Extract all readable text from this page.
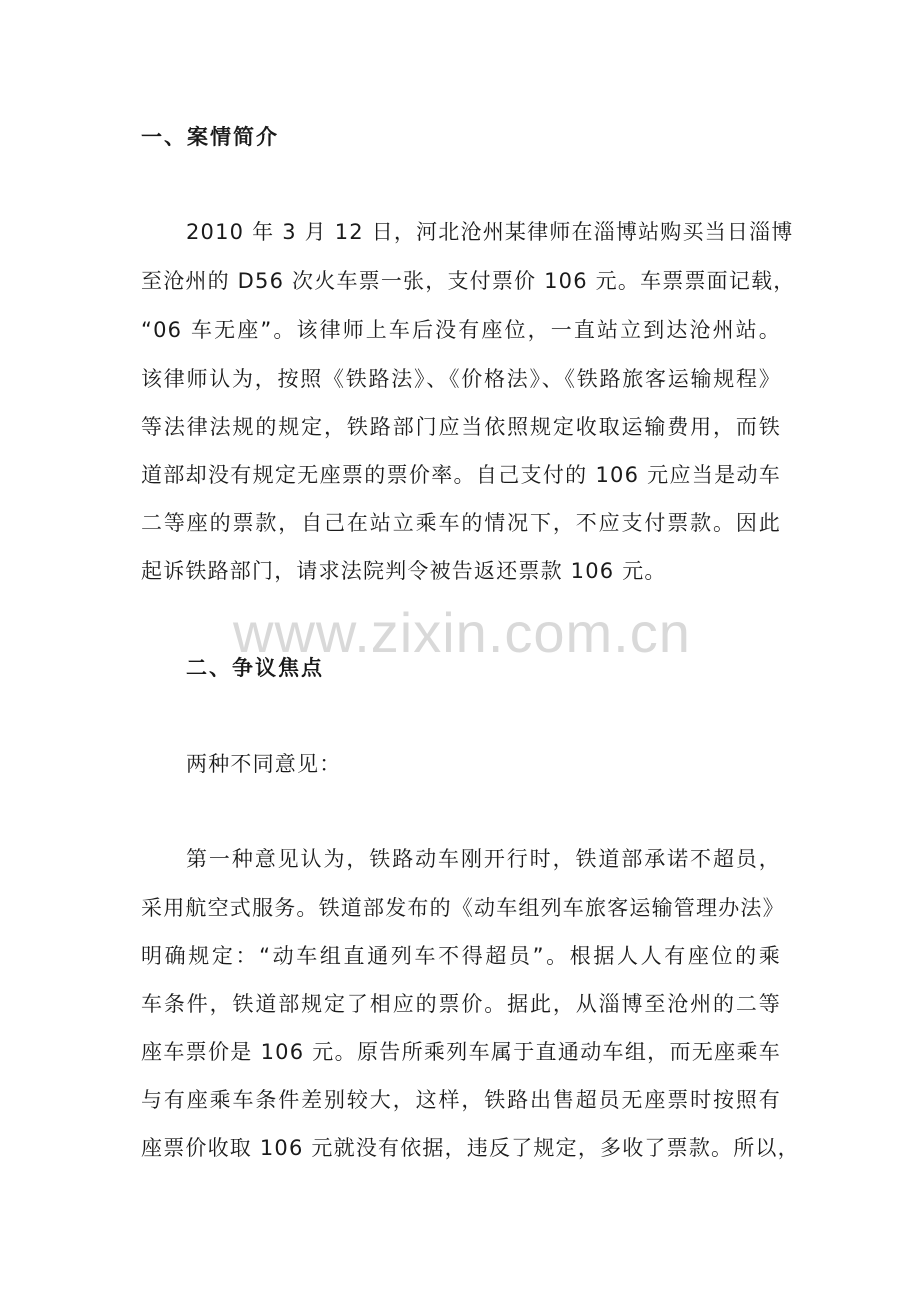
一、案情简介
2010 年 3 月 12 日，河北沧州某律师在淄博站购买当日淄博
至沧州的 D56 次火车票一张，支付票价 106 元。车票票面记载，
“06 车无座”。该律师上车后没有座位，一直站立到达沧州站。
该律师认为，按照《铁路法》、《价格法》、《铁路旅客运输规程》
等法律法规的规定，铁路部门应当依照规定收取运输费用，而铁
道部却没有规定无座票的票价率。自己支付的 106 元应当是动车
二等座的票款，自己在站立乘车的情况下，不应支付票款。因此
起诉铁路部门，请求法院判令被告返还票款 106 元。
www.zixin.com.cn
二、争议焦点
两种不同意见：
第一种意见认为，铁路动车刚开行时，铁道部承诺不超员，
采用航空式服务。铁道部发布的《动车组列车旅客运输管理办法》
明确规定：“动车组直通列车不得超员”。根据人人有座位的乘
车条件，铁道部规定了相应的票价。据此，从淄博至沧州的二等
座车票价是 106 元。原告所乘列车属于直通动车组，而无座乘车
与有座乘车条件差别较大，这样，铁路出售超员无座票时按照有
座票价收取 106 元就没有依据，违反了规定，多收了票款。所以，
